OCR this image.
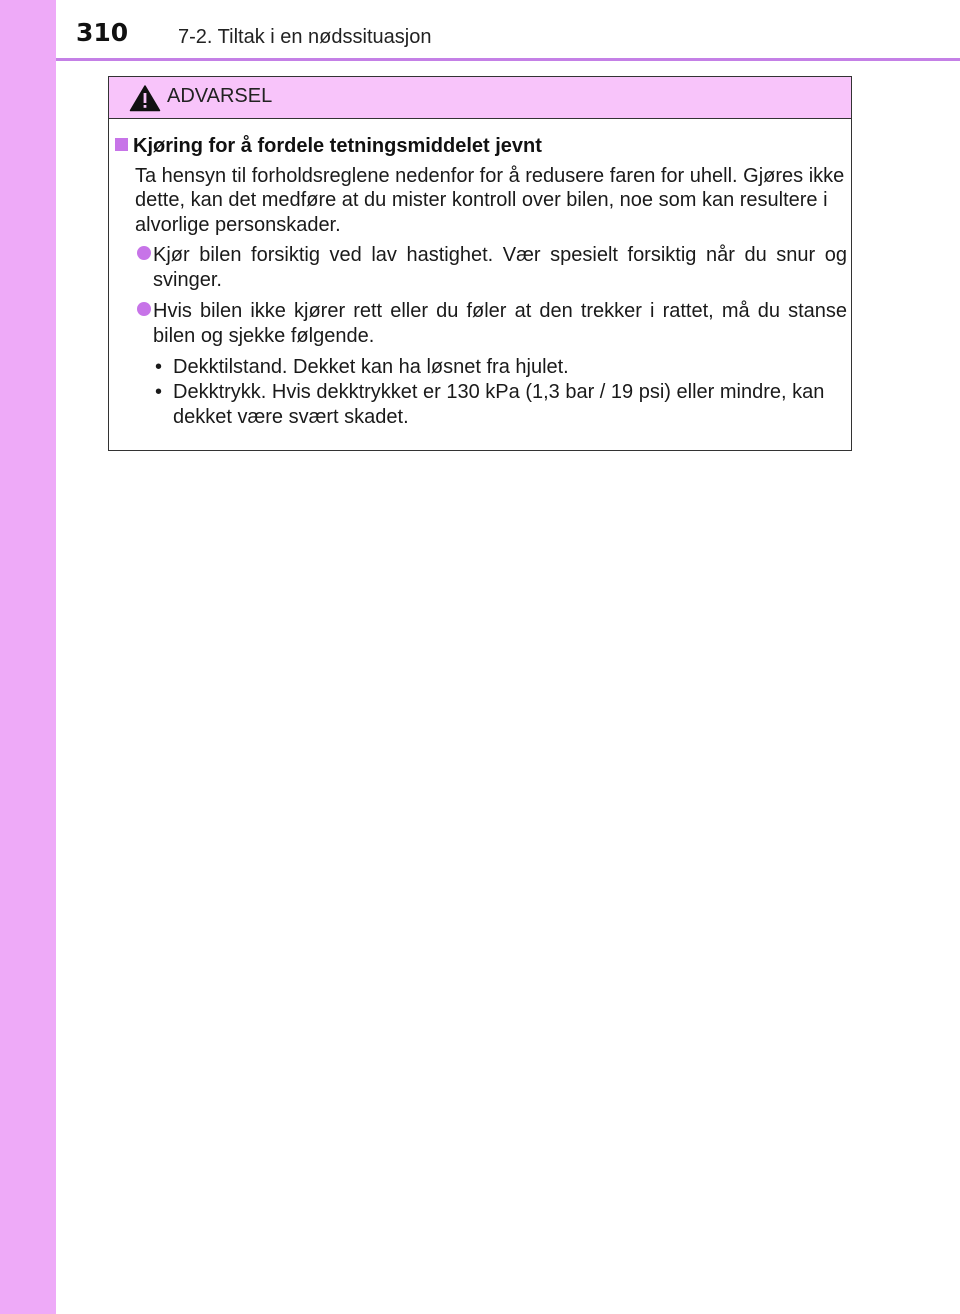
310 7-2. Tiltak i en nødssituasjon
ADVARSEL
Kjøring for å fordele tetningsmiddelet jevnt
Ta hensyn til forholdsreglene nedenfor for å redusere faren for uhell. Gjøres ikke dette, kan det medføre at du mister kontroll over bilen, noe som kan resultere i alvorlige personskader.
Kjør bilen forsiktig ved lav hastighet. Vær spesielt forsiktig når du snur og svinger.
Hvis bilen ikke kjører rett eller du føler at den trekker i rattet, må du stanse bilen og sjekke følgende.
• Dekktilstand. Dekket kan ha løsnet fra hjulet.
• Dekktrykk. Hvis dekktrykket er 130 kPa (1,3 bar / 19 psi) eller mindre, kan dekket være svært skadet.
